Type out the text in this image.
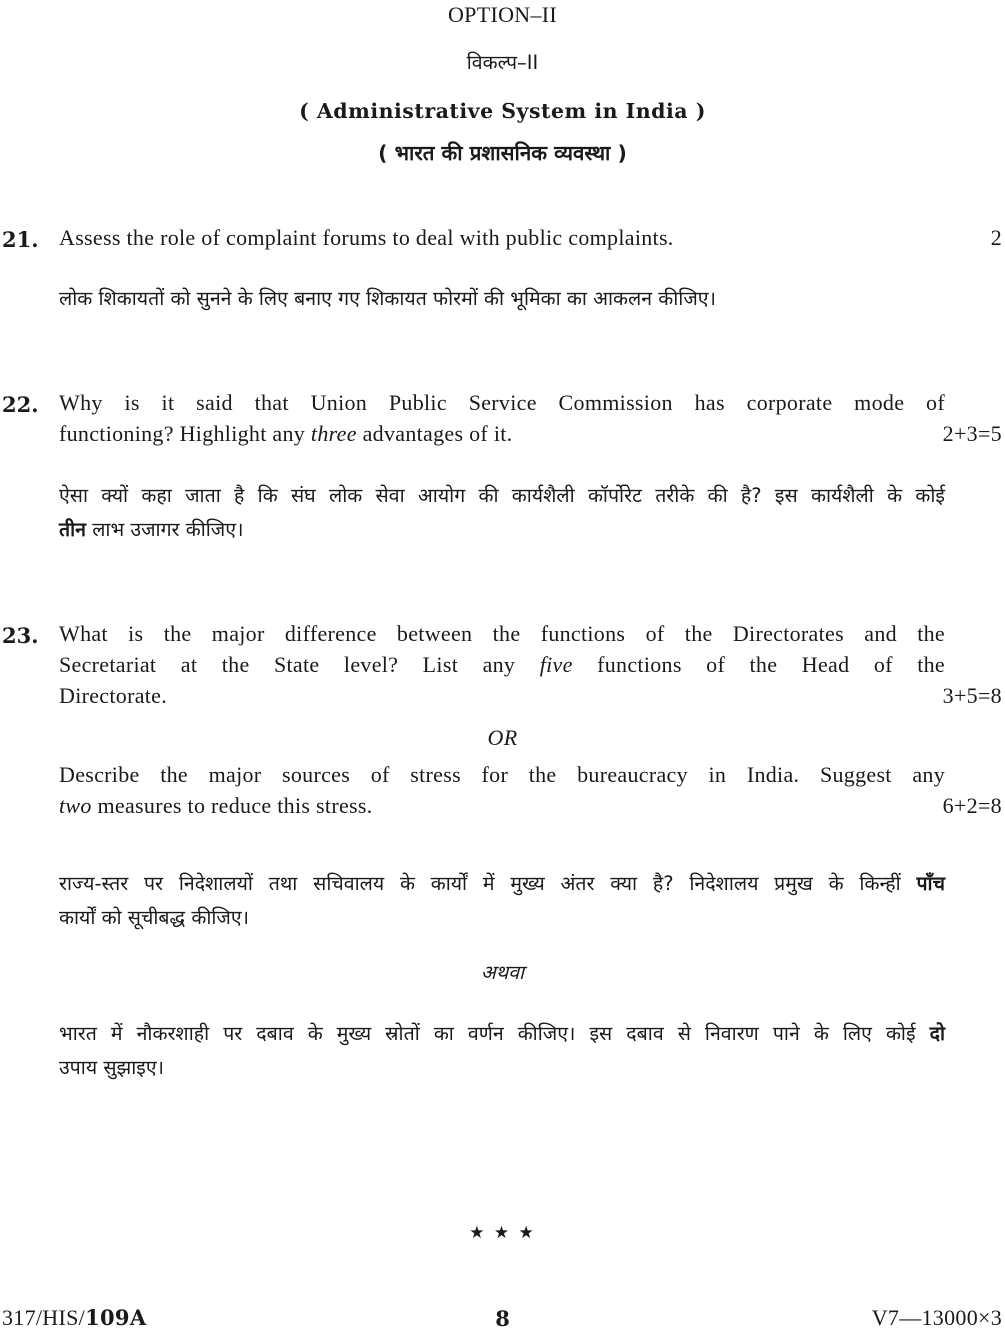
OPTION–II
विकल्प–II
( Administrative System in India )
( भारत की प्रशासनिक व्यवस्था )
21. Assess the role of complaint forums to deal with public complaints.	2
लोक शिकायतों को सुनने के लिए बनाए गए शिकायत फोरमों की भूमिका का आकलन कीजिए।
22. Why is it said that Union Public Service Commission has corporate mode of
functioning? Highlight any three advantages of it.	2+3=5
ऐसा क्यों कहा जाता है कि संघ लोक सेवा आयोग की कार्यशैली कॉर्पोरेट तरीके की है? इस कार्यशैली के कोई
तीन लाभ उजागर कीजिए।
23. What is the major difference between the functions of the Directorates and the
Secretariat at the State level? List any five functions of the Head of the
Directorate.	3+5=8
OR
Describe the major sources of stress for the bureaucracy in India. Suggest any
two measures to reduce this stress.	6+2=8
राज्य-स्तर पर निदेशालयों तथा सचिवालय के कार्यों में मुख्य अंतर क्या है? निदेशालय प्रमुख के किन्हीं पाँच
कार्यों को सूचीबद्ध कीजिए।
अथवा
भारत में नौकरशाही पर दबाव के मुख्य स्रोतों का वर्णन कीजिए। इस दबाव से निवारण पाने के लिए कोई दो
उपाय सुझाइए।
★ ★ ★
317/HIS/109A	8	V7—13000×3
